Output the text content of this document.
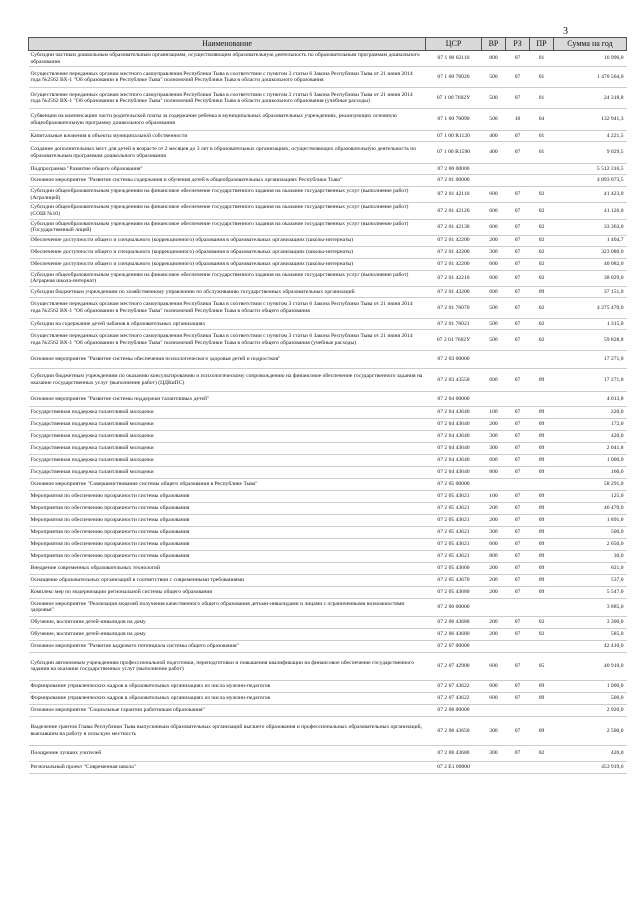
3
Наименование	ЦСР	ВР	РЗ	ПР	Сумма на год
Субсидии частным дошкольным образовательным организациям, осуществляющим образовательную деятельность по образовательным программам дошкольного образования	07 1 00 62110	800	07	01	16 996,0
Осуществление переданных органам местного самоуправления Республики Тыва в соответствии с пунктом 3 статьи 6 Закона Республики Тыва от 21 июня 2014 года №2562 ВХ-1 "Об образовании в Республике Тыва" полномочий Республики Тыва в области дошкольного образования	07 1 00 76020	500	07	01	1 470 564,0
Осуществление переданных органам местного самоуправления Республики Тыва в соответствии с пунктом 3 статьи 6 Закона Республики Тыва от 21 июня 2014 года №2562 ВХ-1 "Об образовании в Республике Тыва" полномочий Республики Тыва в области дошкольного образования (учебные расходы)	07 1 00 7602У	500	07	01	24 318,8
Субвенции на компенсацию части родительской платы за содержание ребенка в муниципальных образовательных учреждениях, реализующих основную общеобразовательную программу дошкольного образования	07 1 00 76090	500	10	04	132 941,3
Капитальные вложения в объекты муниципальной собственности	07 1 00 R1120	400	07	01	4 221,5
Создание дополнительных мест для детей в возрасте от 2 месяцев до 3 лет в образовательных организациях, осуществляющих образовательную деятельность по образовательным программам дошкольного образования	07 1 00 R1590	400	07	01	9 029,5
Подпрограмма "Развитие общего образования"	07 2 00 00000				5 512 316,5
Основное мероприятие "Развитие системы содержания и обучения детей в общеобразовательных организациях Республики Тыва"	07 2 01 00000				4 893 073,5
Субсидии общеобразовательным учреждениям на финансовое обеспечение государственного задания на оказание государственных услуг (выполнение работ) (Агролицей)	07 2 01 42110	600	07	02	41 423,0
Субсидии общеобразовательным учреждениям на финансовое обеспечение государственного задания на оказание государственных услуг (выполнение работ) (СОШ №10)	07 2 01 42120	600	07	02	41 126,0
Субсидии общеобразовательным учреждениям на финансовое обеспечение государственного задания на оказание государственных услуг (выполнение работ) (Государственный лицей)	07 2 01 42130	600	07	02	33 363,0
Обеспечение доступности общего и специального (коррекционного) образования в образовательных организациях (школы-интернаты)	07 2 01 42200	200	07	02	1 404,7
Обеспечение доступности общего и специального (коррекционного) образования в образовательных организациях (школы-интернаты)	07 2 01 42200	300	07	02	323 080,0
Обеспечение доступности общего и специального (коррекционного) образования в образовательных организациях (школы-интернаты)	07 2 01 42200	600	07	02	40 082,0
Субсидии общеобразовательным учреждениям на финансовое обеспечение государственного задания на оказание государственных услуг (выполнение работ) (Аграрная школа-интернат)	07 2 01 42210	600	07	02	38 029,0
Субсидии бюджетным учреждениям по хозяйственному управлению по обслуживанию государственных образовательных организаций	07 2 01 43200	600	07	09	37 151,0
Осуществление переданных органам местного самоуправления Республики Тыва в соответствии с пунктом 3 статьи 6 Закона Республики Тыва от 21 июня 2014 года №2562 ВХ-1 "Об образовании в Республике Тыва" полномочий Республики Тыва в области общего образования	07 2 01 76070	500	07	02	4 275 470,0
Субсидии на содержание детей чабанов в образовательных организациях	07 2 01 76021	500	07	02	1 315,0
Осуществление переданных органам местного самоуправления Республики Тыва в соответствии с пунктом 3 статьи 6 Закона Республики Тыва от 21 июня 2014 года №2562 ВХ-1 "Об образовании в Республике Тыва" полномочий Республики Тыва в области общего образования (учебные расходы)	07 2 01 7602У	500	07	02	59 828,8
Основное мероприятие "Развитие системы обеспечения психологического здоровья детей и подростков"	07 2 03 00000				17 271,0
Субсидии бюджетным учреждениям по оказанию консультированию и психологическому сопровождению на финансовое обеспечение государственного задания на оказание государственных услуг (выполнение работ) (ЦДКиПС)	07 2 03 43550	600	07	09	17 271,0
Основное мероприятие "Развитие системы поддержки талантливых детей"	07 2 04 00000				4 013,8
Государственная поддержка талантливой молодежи	07 2 04 43640	100	07	09	220,0
Государственная поддержка талантливой молодежи	07 2 04 43640	200	07	09	172,0
Государственная поддержка талантливой молодежи	07 2 04 43640	300	07	09	420,0
Государственная поддержка талантливой молодежи	07 2 04 43640	300	07	09	2 041,8
Государственная поддержка талантливой молодежи	07 2 04 43640	600	07	09	1 000,0
Государственная поддержка талантливой молодежи	07 2 04 43640	800	07	09	160,0
Основное мероприятие "Совершенствование системы общего образования в Республике Тыва"	07 2 05 00000				58 291,0
Мероприятия по обеспечению прозрачности системы образования	07 2 05 43621	100	07	09	125,0
Мероприятия по обеспечению прозрачности системы образования	07 2 05 43621	200	07	09	46 470,0
Мероприятия по обеспечению прозрачности системы образования	07 2 05 43621	200	07	09	1 891,0
Мероприятия по обеспечению прозрачности системы образования	07 2 05 43621	300	07	09	500,0
Мероприятия по обеспечению прозрачности системы образования	07 2 05 43621	600	07	09	2 650,0
Мероприятия по обеспечению прозрачности системы образования	07 2 05 43621	800	07	09	30,0
Внедрение современных образовательных технологий	07 2 05 43660	200	07	09	621,0
Оснащение образовательных организаций в соответствии с современными требованиями	07 2 05 43670	200	07	09	537,0
Комплекс мер по модернизации региональной системы общего образования	07 2 05 43680	200	07	09	5 547,0
Основное мероприятие "Реализация моделей получения качественного общего образования детьми-инвалидами и лицами с ограниченными возможностями здоровья"	07 2 06 00000				3 885,0
Обучение, воспитание детей-инвалидов на дому	07 2 06 43680	200	07	02	3 300,0
Обучение, воспитание детей-инвалидов на дому	07 2 06 43680	200	07	02	585,0
Основное мероприятие "Развитие кадрового потенциала системы общего образования"	07 2 07 00000				42 410,0
Субсидии автономным учреждениям профессиональной подготовки, переподготовки и повышения квалификации на финансовое обеспечение государственного задания на оказание государственных услуг (выполнение работ)	07 2 07 42900	600	07	05	40 910,0
Формирование управленческих кадров в образовательных организациях из числа мужчин-педагогов	07 2 07 43622	600	07	09	1 000,0
Формирование управленческих кадров в образовательных организациях из числа мужчин-педагогов	07 2 07 43622	600	07	09	500,0
Основное мероприятие "Социальные гарантии работникам образования"	07 2 08 00000				2 920,0
Выделение грантов Главы Республики Тыва выпускникам образовательных организаций высшего образования и профессиональных образовательных организаций, выехавшим на работу в сельскую местность	07 2 08 43650	300	07	09	2 500,0
Поощрение лучших учителей	07 2 08 43680	300	07	02	420,0
Региональный проект "Современная школа"	07 2 Е1 00000				453 919,6
